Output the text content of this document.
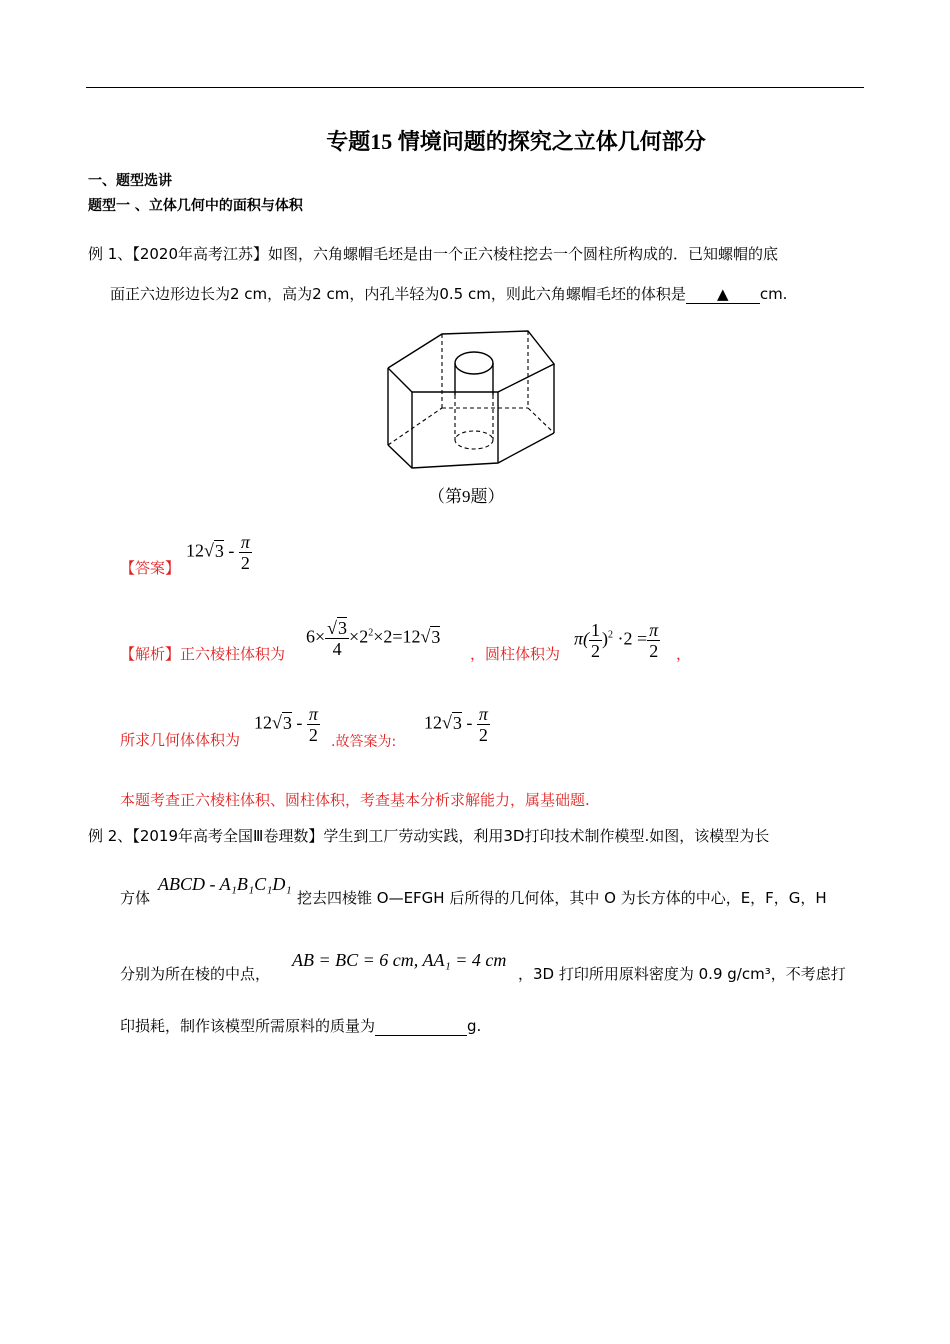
专题15 情境问题的探究之立体几何部分
一、题型选讲
题型一 、立体几何中的面积与体积
例 1、【2020年高考江苏】如图，六角螺帽毛坯是由一个正六棱柱挖去一个圆柱所构成的．已知螺帽的底
面正六边形边长为2 cm，高为2 cm，内孔半轻为0.5 cm，则此六角螺帽毛坯的体积是 ▲ cm.
（第9题）
【答案】
$12√3 - \frac{\pi}{2}$
【解析】正六棱柱体积为
$6\times \frac{√3}{4} \times 2^2\times 2=12√3$
，圆柱体积为
$\pi( \frac{1}{2} )^2 \cdot 2 = \frac{\pi}{2}$ ，
所求几何体体积为
$12√3 - \frac{\pi}{2}$ .故答案为:
$12√3 - \frac{\pi}{2}$
本题考查正六棱柱体积、圆柱体积，考查基本分析求解能力，属基础题.
例 2、【2019年高考全国Ⅲ卷理数】学生到工厂劳动实践，利用3D打印技术制作模型.如图，该模型为长
方体
ABCD - A₁B₁C₁D₁
挖去四棱锥 O—EFGH 后所得的几何体，其中 O 为长方体的中心，E，F，G，H
分别为所在棱的中点，
AB = BC = 6 cm, AA₁ = 4 cm
，3D 打印所用原料密度为 0.9 g/cm³，不考虑打
印损耗，制作该模型所需原料的质量为	g.
